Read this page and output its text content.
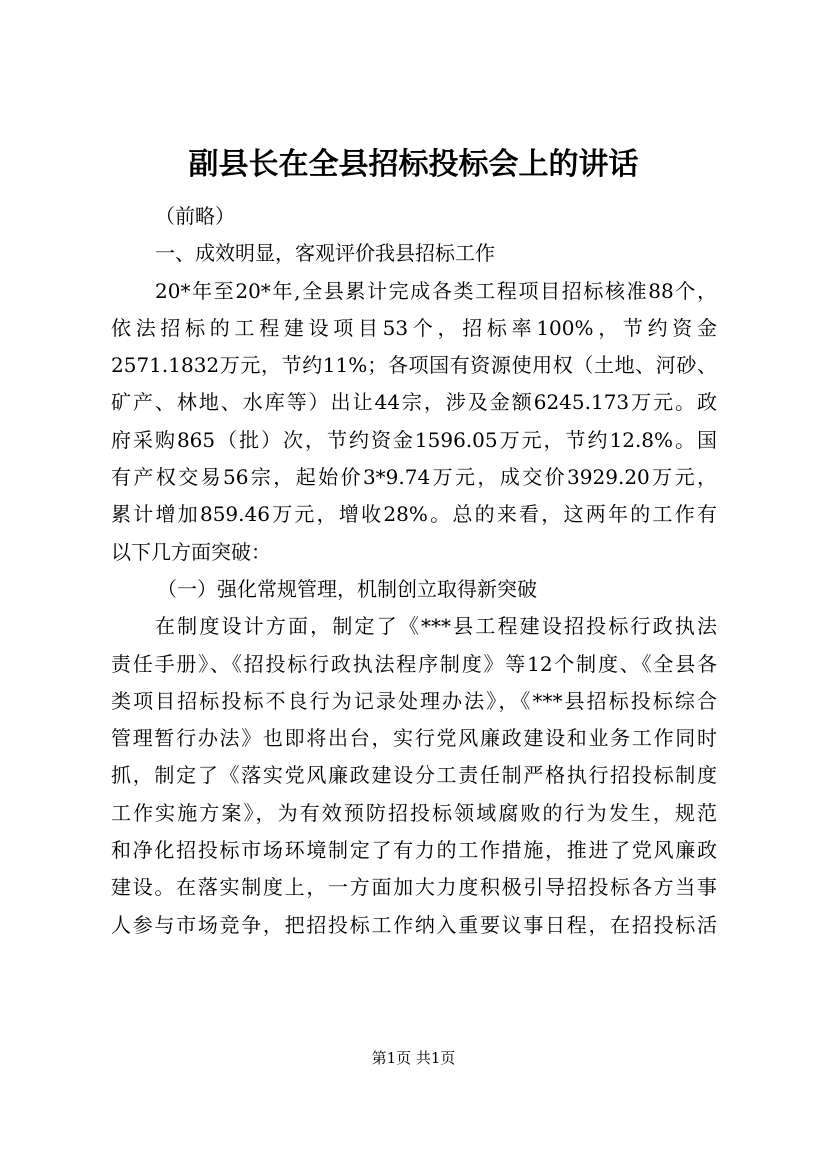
副县长在全县招标投标会上的讲话
（前略）
一、成效明显，客观评价我县招标工作
20*年至20*年,全县累计完成各类工程项目招标核准88个，
依法招标的工程建设项目53个，招标率100%，节约资金
2571.1832万元，节约11%；各项国有资源使用权（土地、河砂、
矿产、林地、水库等）出让44宗，涉及金额6245.173万元。政
府采购865（批）次，节约资金1596.05万元，节约12.8%。国
有产权交易56宗，起始价3*9.74万元，成交价3929.20万元，
累计增加859.46万元，增收28%。总的来看，这两年的工作有
以下几方面突破：
（一）强化常规管理，机制创立取得新突破
在制度设计方面，制定了《***县工程建设招投标行政执法
责任手册》、《招投标行政执法程序制度》等12个制度、《全县各
类项目招标投标不良行为记录处理办法》，《***县招标投标综合
管理暂行办法》也即将出台，实行党风廉政建设和业务工作同时
抓，制定了《落实党风廉政建设分工责任制严格执行招投标制度
工作实施方案》，为有效预防招投标领域腐败的行为发生，规范
和净化招投标市场环境制定了有力的工作措施，推进了党风廉政
建设。在落实制度上，一方面加大力度积极引导招投标各方当事
人参与市场竞争，把招投标工作纳入重要议事日程，在招投标活
第1页 共1页
